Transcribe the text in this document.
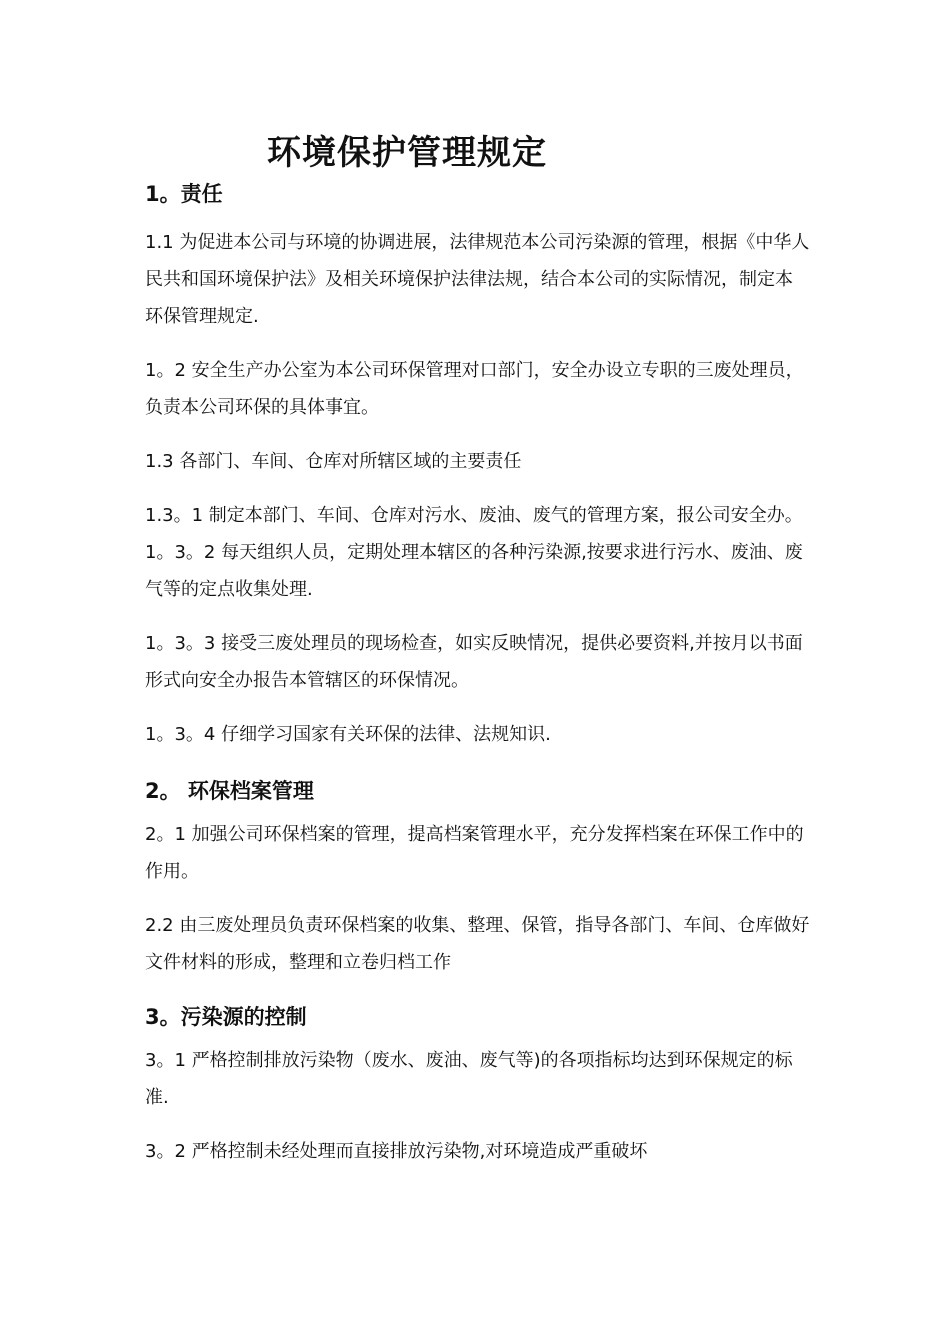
环境保护管理规定
1。责任

1.1 为促进本公司与环境的协调进展，法律规范本公司污染源的管理，根据《中华人民共和国环境保护法》及相关环境保护法律法规，结合本公司的实际情况，制定本环保管理规定.

1。2 安全生产办公室为本公司环保管理对口部门，安全办设立专职的三废处理员，负责本公司环保的具体事宜。

1.3 各部门、车间、仓库对所辖区域的主要责任

1.3。1 制定本部门、车间、仓库对污水、废油、废气的管理方案，报公司安全办。1。3。2 每天组织人员，定期处理本辖区的各种污染源,按要求进行污水、废油、废气等的定点收集处理.

1。3。3 接受三废处理员的现场检查，如实反映情况，提供必要资料,并按月以书面形式向安全办报告本管辖区的环保情况。

1。3。4 仔细学习国家有关环保的法律、法规知识.

2。 环保档案管理

2。1 加强公司环保档案的管理，提高档案管理水平，充分发挥档案在环保工作中的作用。

2.2 由三废处理员负责环保档案的收集、整理、保管，指导各部门、车间、仓库做好文件材料的形成，整理和立卷归档工作

3。污染源的控制

3。1 严格控制排放污染物（废水、废油、废气等)的各项指标均达到环保规定的标准.

3。2 严格控制未经处理而直接排放污染物,对环境造成严重破坏
